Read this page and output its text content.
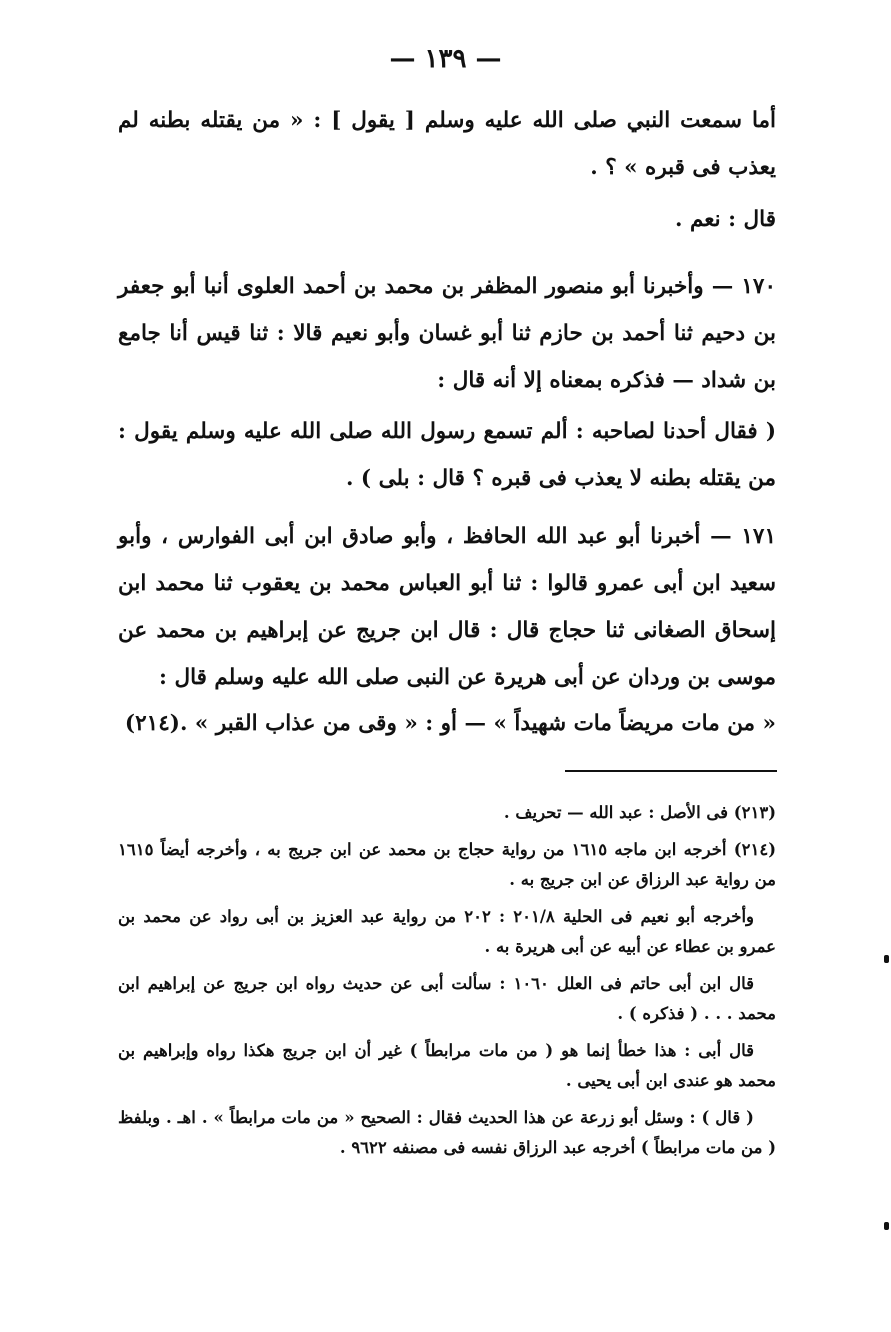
— ١٣٩ —

أما سمعت النبي صلى الله عليه وسلم [ يقول ] : « من يقتله بطنه لم يعذب فى قبره » ؟ .

قال : نعم .

١٧٠ — وأخبرنا أبو منصور المظفر بن محمد بن أحمد العلوى أنبا أبو جعفر بن دحيم ثنا أحمد بن حازم ثنا أبو غسان وأبو نعيم قالا : ثنا قيس أنا جامع بن شداد — فذكره بمعناه إلا أنه قال :

( فقال أحدنا لصاحبه : ألم تسمع رسول الله صلى الله عليه وسلم يقول : من يقتله بطنه لا يعذب فى قبره ؟ قال : بلى ) .

١٧١ — أخبرنا أبو عبد الله الحافظ ، وأبو صادق ابن أبى الفوارس ، وأبو سعيد ابن أبى عمرو قالوا : ثنا أبو العباس محمد بن يعقوب ثنا محمد ابن إسحاق الصغانى ثنا حجاج قال : قال ابن جريج عن إبراهيم بن محمد عن موسى بن وردان عن أبى هريرة عن النبى صلى الله عليه وسلم قال :

« من مات مريضاً مات شهيداً » — أو : « وقى من عذاب القبر » .(٢١٤)

(٢١٣) فى الأصل : عبد الله — تحريف .

(٢١٤) أخرجه ابن ماجه ١٦١٥ من رواية حجاج بن محمد عن ابن جريج به ، وأخرجه أيضاً ١٦١٥ من رواية عبد الرزاق عن ابن جريج به .

وأخرجه أبو نعيم فى الحلية ٢٠١/٨ : ٢٠٢ من رواية عبد العزيز بن أبى رواد عن محمد بن عمرو بن عطاء عن أبيه عن أبى هريرة به .

قال ابن أبى حاتم فى العلل ١٠٦٠ : سألت أبى عن حديث رواه ابن جريج عن إبراهيم ابن محمد . . . ( فذكره ) .

قال أبى : هذا خطأ إنما هو ( من مات مرابطاً ) غير أن ابن جريج هكذا رواه وإبراهيم بن محمد هو عندى ابن أبى يحيى .

( قال ) : وسئل أبو زرعة عن هذا الحديث فقال : الصحيح « من مات مرابطاً » . اهـ . وبلفظ ( من مات مرابطاً ) أخرجه عبد الرزاق نفسه فى مصنفه ٩٦٢٢ .
